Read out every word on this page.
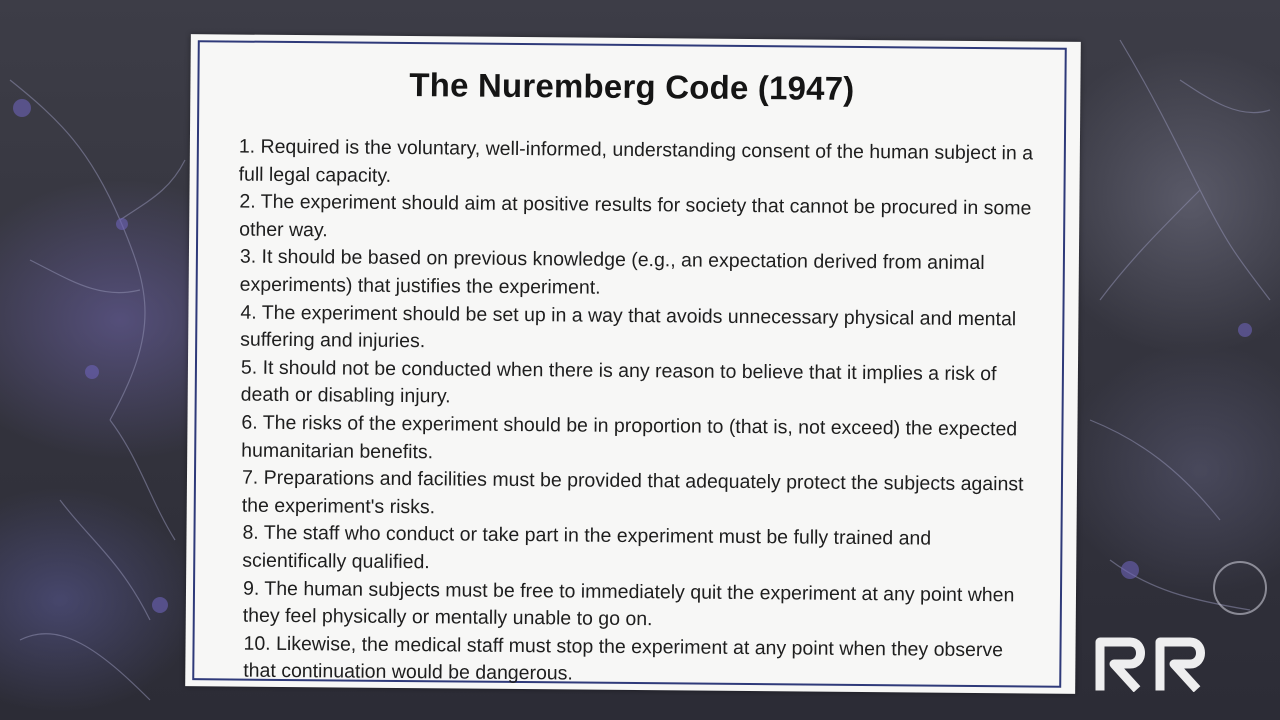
The Nuremberg Code (1947)
1. Required is the voluntary, well-informed, understanding consent of the human subject in a full legal capacity.
2. The experiment should aim at positive results for society that cannot be procured in some other way.
3. It should be based on previous knowledge (e.g., an expectation derived from animal experiments) that justifies the experiment.
4. The experiment should be set up in a way that avoids unnecessary physical and mental suffering and injuries.
5. It should not be conducted when there is any reason to believe that it implies a risk of death or disabling injury.
6. The risks of the experiment should be in proportion to (that is, not exceed) the expected humanitarian benefits.
7. Preparations and facilities must be provided that adequately protect the subjects against the experiment's risks.
8. The staff who conduct or take part in the experiment must be fully trained and scientifically qualified.
9. The human subjects must be free to immediately quit the experiment at any point when they feel physically or mentally unable to go on.
10. Likewise, the medical staff must stop the experiment at any point when they observe that continuation would be dangerous.
